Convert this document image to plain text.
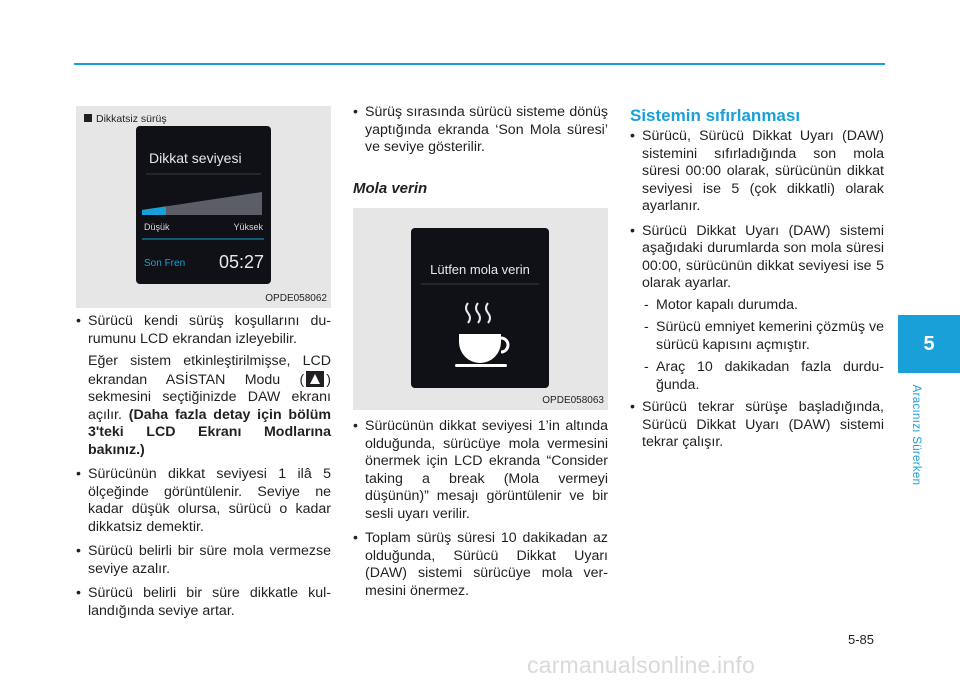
Dikkatsiz sürüş
Dikkat seviyesi
Düşük	Yüksek
Son Fren 05:27
OPDE058062

• Sürücü kendi sürüş koşullarını durumunu LCD ekrandan izleyebilir.

Eğer sistem etkinleştirilmişse, LCD ekrandan ASİSTAN Modu ( ) sekmesini seçtiğinizde DAW ekranı açılır. (Daha fazla detay için bölüm 3'teki LCD Ekranı Modlarına bakınız.)

• Sürücünün dikkat seviyesi 1 ilâ 5 ölçeğinde görüntülenir. Seviye ne kadar düşük olursa, sürücü o kadar dikkatsiz demektir.
• Sürücü belirli bir süre mola vermezse seviye azalır.
• Sürücü belirli bir süre dikkatle kullandığında seviye artar.
• Sürüş sırasında sürücü sisteme dönüş yaptığında ekranda ‘Son Mola süresi’ ve seviye gösterilir.
Mola verin
Lütfen mola verin
OPDE058063
• Sürücünün dikkat seviyesi 1’in altında olduğunda, sürücüye mola vermesini önermek için LCD ekranda “Consider taking a break (Mola vermeyi düşünün)” mesajı görüntülenir ve bir sesli uyarı verilir.
• Toplam sürüş süresi 10 dakikadan az olduğunda, Sürücü Dikkat Uyarı (DAW) sistemi sürücüye mola vermesini önermez.
Sistemin sıfırlanması
• Sürücü, Sürücü Dikkat Uyarı (DAW) sistemini sıfırladığında son mola süresi 00:00 olarak, sürücünün dikkat seviyesi ise 5 (çok dikkatli) olarak ayarlanır.
• Sürücü Dikkat Uyarı (DAW) sistemi aşağıdaki durumlarda son mola süresi 00:00, sürücünün dikkat seviyesi ise 5 olarak ayarlar.
- Motor kapalı durumda.
- Sürücü emniyet kemerini çözmüş ve sürücü kapısını açmıştır.
- Araç 10 dakikadan fazla durduğunda.
• Sürücü tekrar sürüşe başladığında, Sürücü Dikkat Uyarı (DAW) sistemi tekrar çalışır.
5
Aracınızı Sürerken
5-85
carmanualsonline.info
